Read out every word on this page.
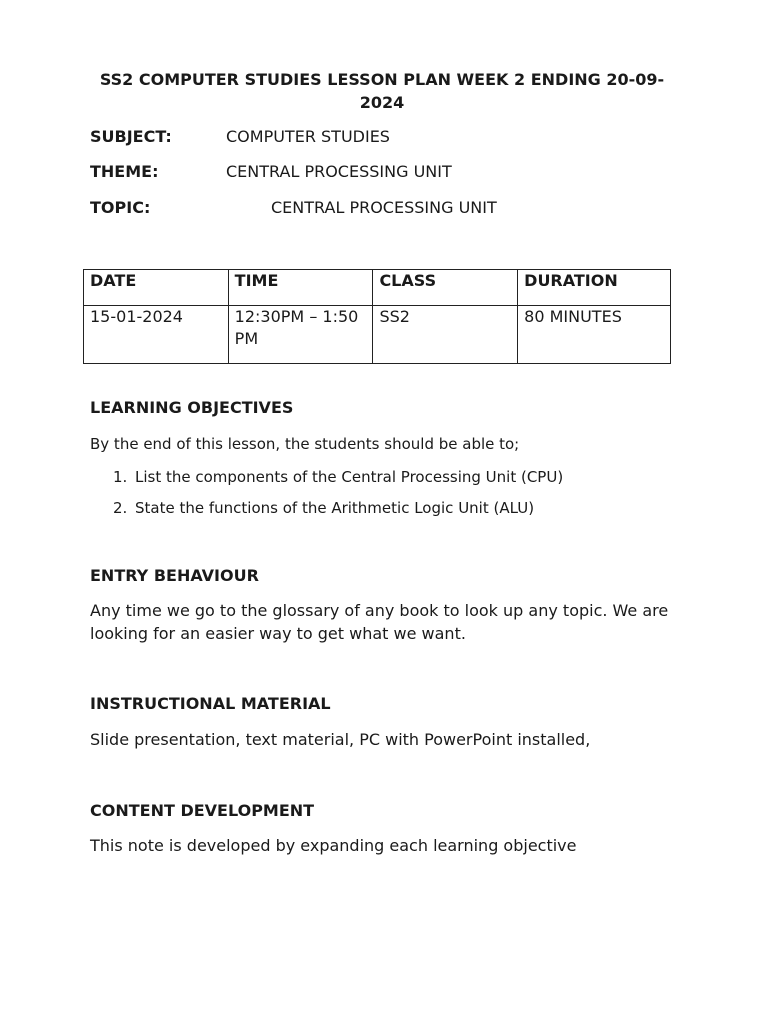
SS2 COMPUTER STUDIES LESSON PLAN WEEK 2 ENDING 20-09-2024
SUBJECT:	COMPUTER STUDIES
THEME:	CENTRAL PROCESSING UNIT
TOPIC:	CENTRAL PROCESSING UNIT
DATE	TIME	CLASS	DURATION
15-01-2024	12:30PM – 1:50 PM	SS2	80 MINUTES
LEARNING OBJECTIVES
By the end of this lesson, the students should be able to;
1. List the components of the Central Processing Unit (CPU)
2. State the functions of the Arithmetic Logic Unit (ALU)
ENTRY BEHAVIOUR
Any time we go to the glossary of any book to look up any topic. We are looking for an easier way to get what we want.
INSTRUCTIONAL MATERIAL
Slide presentation, text material, PC with PowerPoint installed,
CONTENT DEVELOPMENT
This note is developed by expanding each learning objective
